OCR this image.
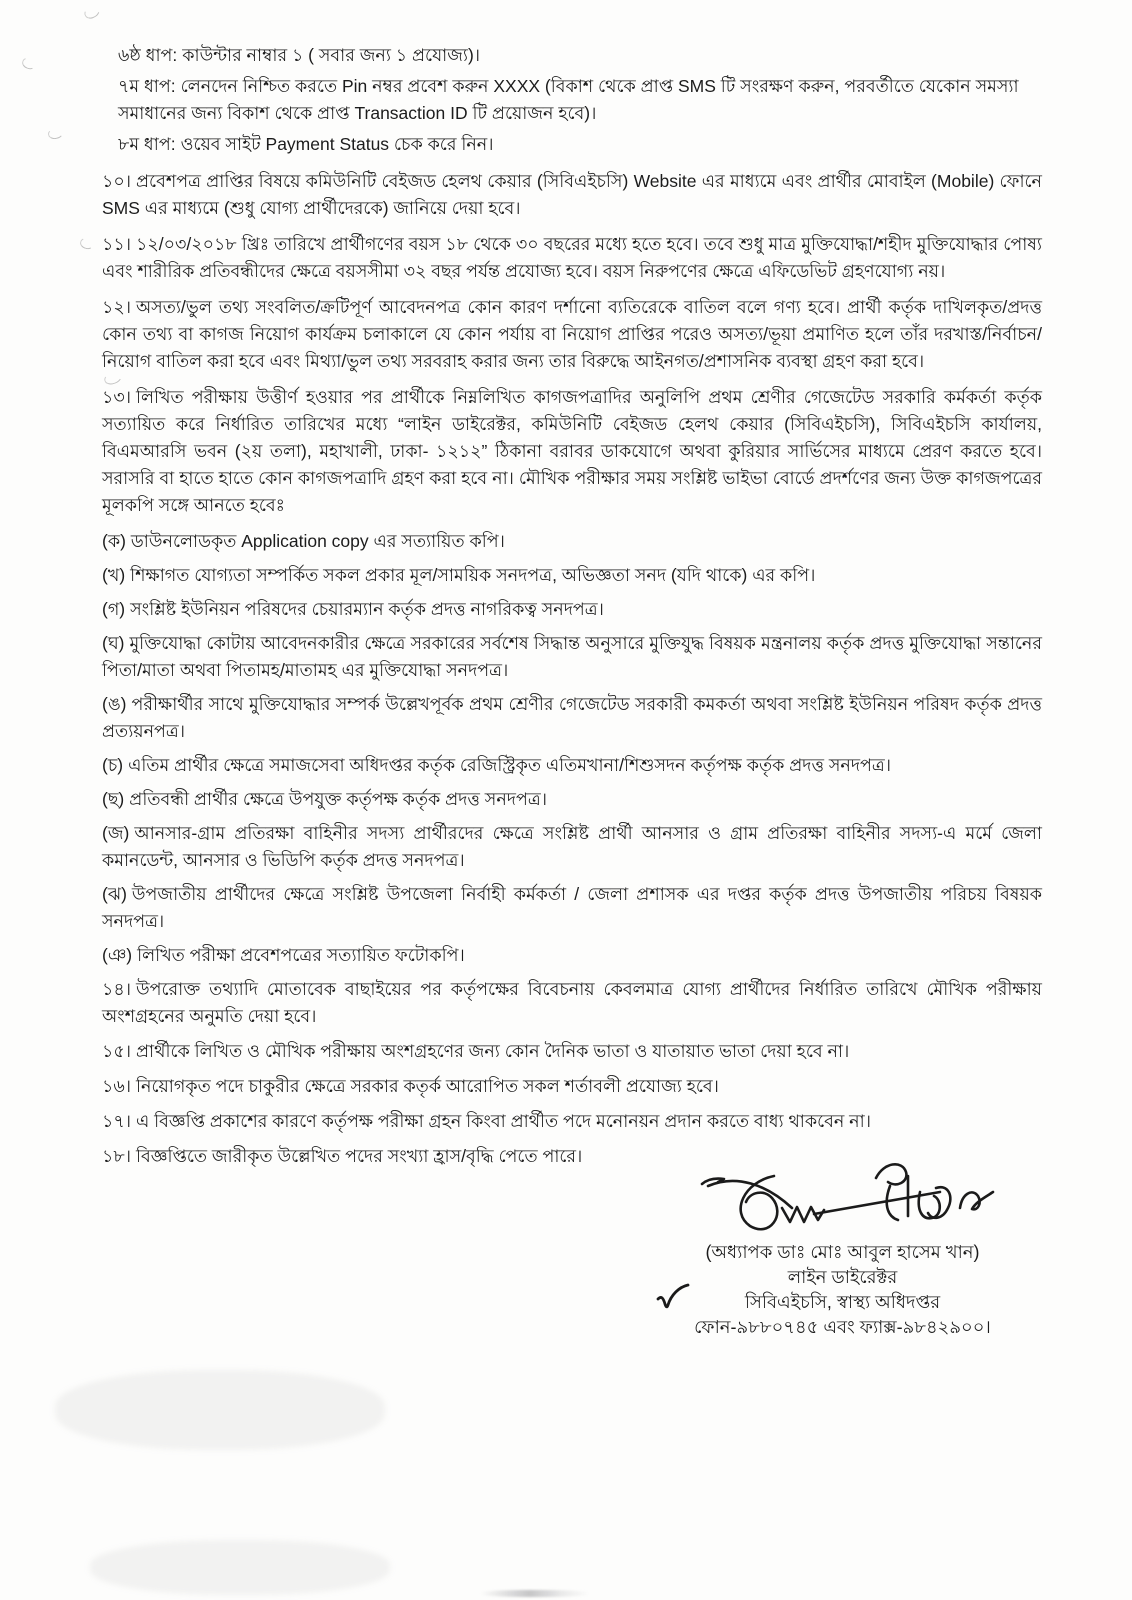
৬ষ্ঠ ধাপ: কাউন্টার নাম্বার ১ ( সবার জন্য ১ প্রযোজ্য)।

৭ম ধাপ: লেনদেন নিশ্চিত করতে Pin নম্বর প্রবেশ করুন XXXX (বিকাশ থেকে প্রাপ্ত SMS টি সংরক্ষণ করুন, পরবর্তীতে যেকোন সমস্যা সমাধানের জন্য বিকাশ থেকে প্রাপ্ত Transaction ID টি প্রয়োজন হবে)।

৮ম ধাপ: ওয়েব সাইট Payment Status চেক করে নিন।

১০। প্রবেশপত্র প্রাপ্তির বিষয়ে কমিউনিটি বেইজড হেলথ কেয়ার (সিবিএইচসি) Website এর মাধ্যমে এবং প্রার্থীর মোবাইল (Mobile) ফোনে SMS এর মাধ্যমে (শুধু যোগ্য প্রার্থীদেরকে) জানিয়ে দেয়া হবে।

১১। ১২/০৩/২০১৮ খ্রিঃ তারিখে প্রার্থীগণের বয়স ১৮ থেকে ৩০ বছরের মধ্যে হতে হবে। তবে শুধু মাত্র মুক্তিযোদ্ধা/শহীদ মুক্তিযোদ্ধার পোষ্য এবং শারীরিক প্রতিবন্ধীদের ক্ষেত্রে বয়সসীমা ৩২ বছর পর্যন্ত প্রযোজ্য হবে। বয়স নিরুপণের ক্ষেত্রে এফিডেভিট গ্রহণযোগ্য নয়।

১২। অসত্য/ভুল তথ্য সংবলিত/ক্রটিপূর্ণ আবেদনপত্র কোন কারণ দর্শানো ব্যতিরেকে বাতিল বলে গণ্য হবে। প্রার্থী কর্তৃক দাখিলকৃত/প্রদত্ত কোন তথ্য বা কাগজ নিয়োগ কার্যক্রম চলাকালে যে কোন পর্যায় বা নিয়োগ প্রাপ্তির পরেও অসত্য/ভূয়া প্রমাণিত হলে তাঁর দরখাস্ত/নির্বাচন/নিয়োগ বাতিল করা হবে এবং মিথ্যা/ভুল তথ্য সরবরাহ করার জন্য তার বিরুদ্ধে আইনগত/প্রশাসনিক ব্যবস্থা গ্রহণ করা হবে।

১৩। লিখিত পরীক্ষায় উত্তীর্ণ হওয়ার পর প্রার্থীকে নিম্নলিখিত কাগজপত্রাদির অনুলিপি প্রথম শ্রেণীর গেজেটেড সরকারি কর্মকর্তা কর্তৃক সত্যায়িত করে নির্ধারিত তারিখের মধ্যে “লাইন ডাইরেক্টর, কমিউনিটি বেইজড হেলথ কেয়ার (সিবিএইচসি), সিবিএইচসি কার্যালয়, বিএমআরসি ভবন (২য় তলা), মহাখালী, ঢাকা- ১২১২” ঠিকানা বরাবর ডাকযোগে অথবা কুরিয়ার সার্ভিসের মাধ্যমে প্রেরণ করতে হবে। সরাসরি বা হাতে হাতে কোন কাগজপত্রাদি গ্রহণ করা হবে না। মৌখিক পরীক্ষার সময় সংশ্লিষ্ট ভাইভা বোর্ডে প্রদর্শণের জন্য উক্ত কাগজপত্রের মূলকপি সঙ্গে আনতে হবেঃ

(ক) ডাউনলোডকৃত Application copy এর সত্যায়িত কপি।

(খ) শিক্ষাগত যোগ্যতা সম্পর্কিত সকল প্রকার মূল/সাময়িক সনদপত্র, অভিজ্ঞতা সনদ (যদি থাকে) এর কপি।

(গ) সংশ্লিষ্ট ইউনিয়ন পরিষদের চেয়ারম্যান কর্তৃক প্রদত্ত নাগরিকত্ব সনদপত্র।

(ঘ) মুক্তিযোদ্ধা কোটায় আবেদনকারীর ক্ষেত্রে সরকারের সর্বশেষ সিদ্ধান্ত অনুসারে মুক্তিযুদ্ধ বিষয়ক মন্ত্রনালয় কর্তৃক প্রদত্ত মুক্তিযোদ্ধা সন্তানের পিতা/মাতা অথবা পিতামহ/মাতামহ এর মুক্তিযোদ্ধা সনদপত্র।

(ঙ) পরীক্ষার্থীর সাথে মুক্তিযোদ্ধার সম্পর্ক উল্লেখপূর্বক প্রথম শ্রেণীর গেজেটেড সরকারী কমকর্তা অথবা সংশ্লিষ্ট ইউনিয়ন পরিষদ কর্তৃক প্রদত্ত প্রত্যয়নপত্র।

(চ) এতিম প্রার্থীর ক্ষেত্রে সমাজসেবা অধিদপ্তর কর্তৃক রেজিস্ট্রিকৃত এতিমখানা/শিশুসদন কর্তৃপক্ষ কর্তৃক প্রদত্ত সনদপত্র।

(ছ) প্রতিবন্ধী প্রার্থীর ক্ষেত্রে উপযুক্ত কর্তৃপক্ষ কর্তৃক প্রদত্ত সনদপত্র।

(জ) আনসার-গ্রাম প্রতিরক্ষা বাহিনীর সদস্য প্রার্থীরদের ক্ষেত্রে সংশ্লিষ্ট প্রার্থী আনসার ও গ্রাম প্রতিরক্ষা বাহিনীর সদস্য-এ মর্মে জেলা কমানডেন্ট, আনসার ও ভিডিপি কর্তৃক প্রদত্ত সনদপত্র।

(ঝ) উপজাতীয় প্রার্থীদের ক্ষেত্রে সংশ্লিষ্ট উপজেলা নির্বাহী কর্মকর্তা / জেলা প্রশাসক এর দপ্তর কর্তৃক প্রদত্ত উপজাতীয় পরিচয় বিষয়ক সনদপত্র।

(ঞ) লিখিত পরীক্ষা প্রবেশপত্রের সত্যায়িত ফটোকপি।

১৪। উপরোক্ত তথ্যাদি মোতাবেক বাছাইয়ের পর কর্তৃপক্ষের বিবেচনায় কেবলমাত্র যোগ্য প্রার্থীদের নির্ধারিত তারিখে মৌখিক পরীক্ষায় অংশগ্রহনের অনুমতি দেয়া হবে।

১৫। প্রার্থীকে লিখিত ও মৌখিক পরীক্ষায় অংশগ্রহণের জন্য কোন দৈনিক ভাতা ও যাতায়াত ভাতা দেয়া হবে না।

১৬। নিয়োগকৃত পদে চাকুরীর ক্ষেত্রে সরকার কতৃর্ক আরোপিত সকল শর্তাবলী প্রযোজ্য হবে।

১৭। এ বিজ্ঞপ্তি প্রকাশের কারণে কর্তৃপক্ষ পরীক্ষা গ্রহন কিংবা প্রার্থীত পদে মনোনয়ন প্রদান করতে বাধ্য থাকবেন না।

১৮। বিজ্ঞপ্তিতে জারীকৃত উল্লেখিত পদের সংখ্যা হ্রাস/বৃদ্ধি পেতে পারে।

(অধ্যাপক ডাঃ মোঃ আবুল হাসেম খান)
লাইন ডাইরেক্টর
সিবিএইচসি, স্বাস্থ্য অধিদপ্তর
ফোন-৯৮৮০৭৪৫ এবং ফ্যাক্স-৯৮৪২৯০০।
